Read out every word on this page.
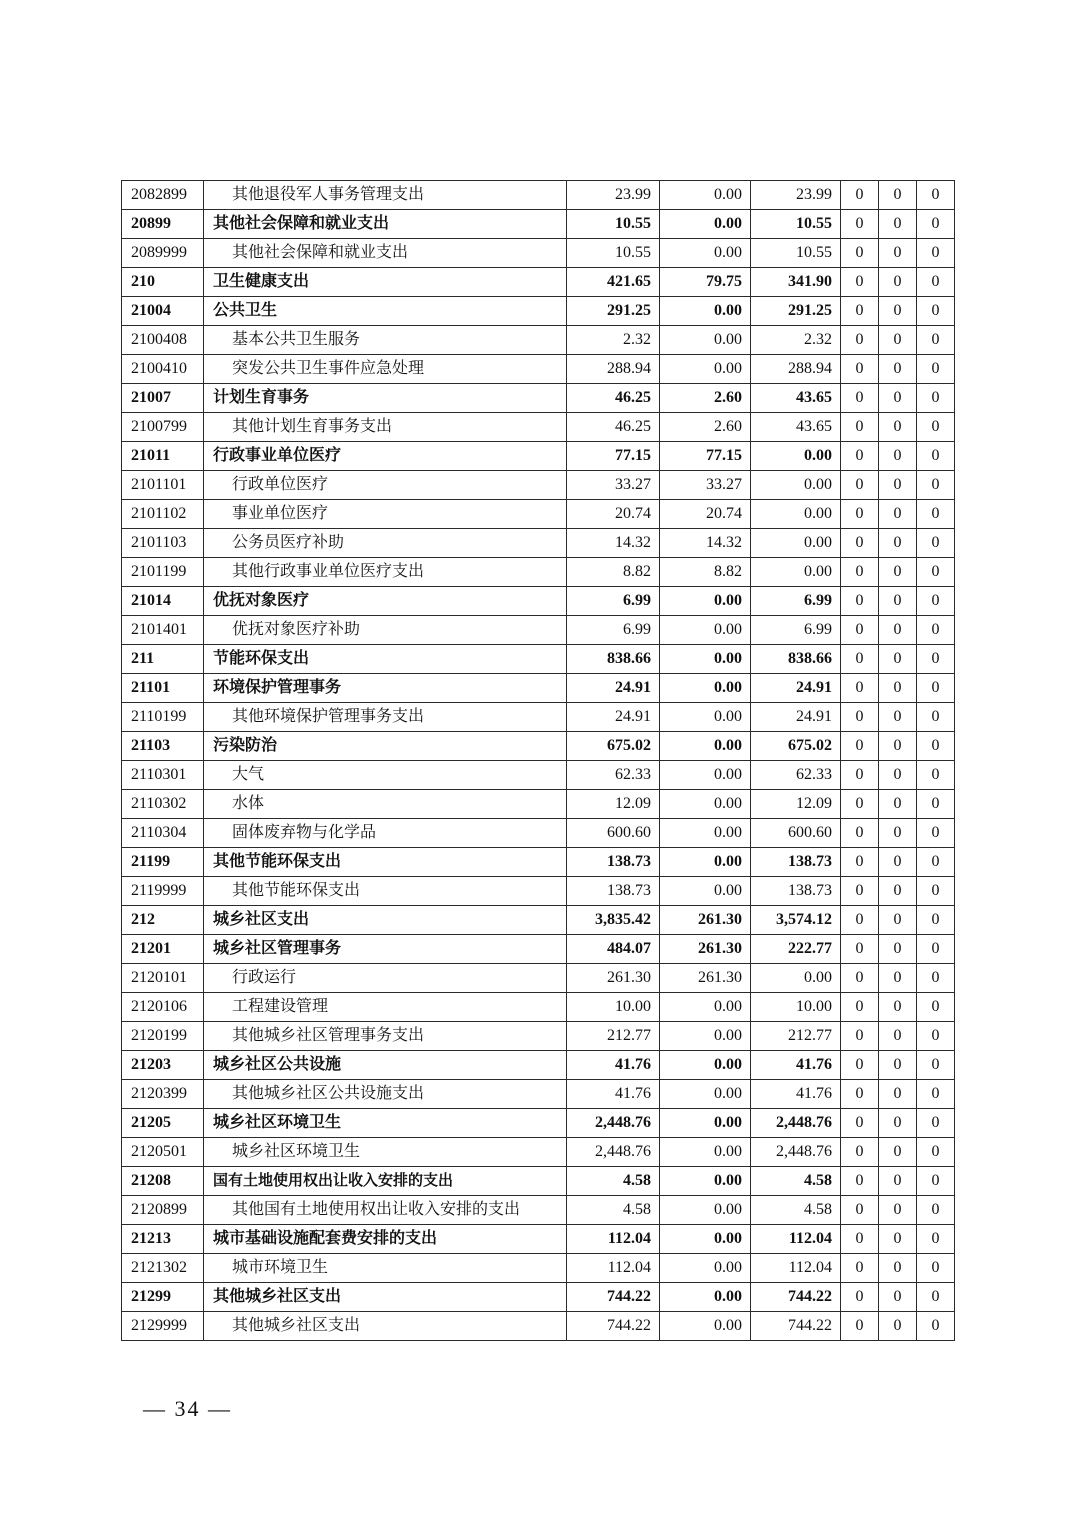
2082899	其他退役军人事务管理支出	23.99	0.00	23.99	0	0	0
20899	其他社会保障和就业支出	10.55	0.00	10.55	0	0	0
2089999	其他社会保障和就业支出	10.55	0.00	10.55	0	0	0
210	卫生健康支出	421.65	79.75	341.90	0	0	0
21004	公共卫生	291.25	0.00	291.25	0	0	0
2100408	基本公共卫生服务	2.32	0.00	2.32	0	0	0
2100410	突发公共卫生事件应急处理	288.94	0.00	288.94	0	0	0
21007	计划生育事务	46.25	2.60	43.65	0	0	0
2100799	其他计划生育事务支出	46.25	2.60	43.65	0	0	0
21011	行政事业单位医疗	77.15	77.15	0.00	0	0	0
2101101	行政单位医疗	33.27	33.27	0.00	0	0	0
2101102	事业单位医疗	20.74	20.74	0.00	0	0	0
2101103	公务员医疗补助	14.32	14.32	0.00	0	0	0
2101199	其他行政事业单位医疗支出	8.82	8.82	0.00	0	0	0
21014	优抚对象医疗	6.99	0.00	6.99	0	0	0
2101401	优抚对象医疗补助	6.99	0.00	6.99	0	0	0
211	节能环保支出	838.66	0.00	838.66	0	0	0
21101	环境保护管理事务	24.91	0.00	24.91	0	0	0
2110199	其他环境保护管理事务支出	24.91	0.00	24.91	0	0	0
21103	污染防治	675.02	0.00	675.02	0	0	0
2110301	大气	62.33	0.00	62.33	0	0	0
2110302	水体	12.09	0.00	12.09	0	0	0
2110304	固体废弃物与化学品	600.60	0.00	600.60	0	0	0
21199	其他节能环保支出	138.73	0.00	138.73	0	0	0
2119999	其他节能环保支出	138.73	0.00	138.73	0	0	0
212	城乡社区支出	3,835.42	261.30	3,574.12	0	0	0
21201	城乡社区管理事务	484.07	261.30	222.77	0	0	0
2120101	行政运行	261.30	261.30	0.00	0	0	0
2120106	工程建设管理	10.00	0.00	10.00	0	0	0
2120199	其他城乡社区管理事务支出	212.77	0.00	212.77	0	0	0
21203	城乡社区公共设施	41.76	0.00	41.76	0	0	0
2120399	其他城乡社区公共设施支出	41.76	0.00	41.76	0	0	0
21205	城乡社区环境卫生	2,448.76	0.00	2,448.76	0	0	0
2120501	城乡社区环境卫生	2,448.76	0.00	2,448.76	0	0	0
21208	国有土地使用权出让收入安排的支出	4.58	0.00	4.58	0	0	0
2120899	其他国有土地使用权出让收入安排的支出	4.58	0.00	4.58	0	0	0
21213	城市基础设施配套费安排的支出	112.04	0.00	112.04	0	0	0
2121302	城市环境卫生	112.04	0.00	112.04	0	0	0
21299	其他城乡社区支出	744.22	0.00	744.22	0	0	0
2129999	其他城乡社区支出	744.22	0.00	744.22	0	0	0
— 34 —
